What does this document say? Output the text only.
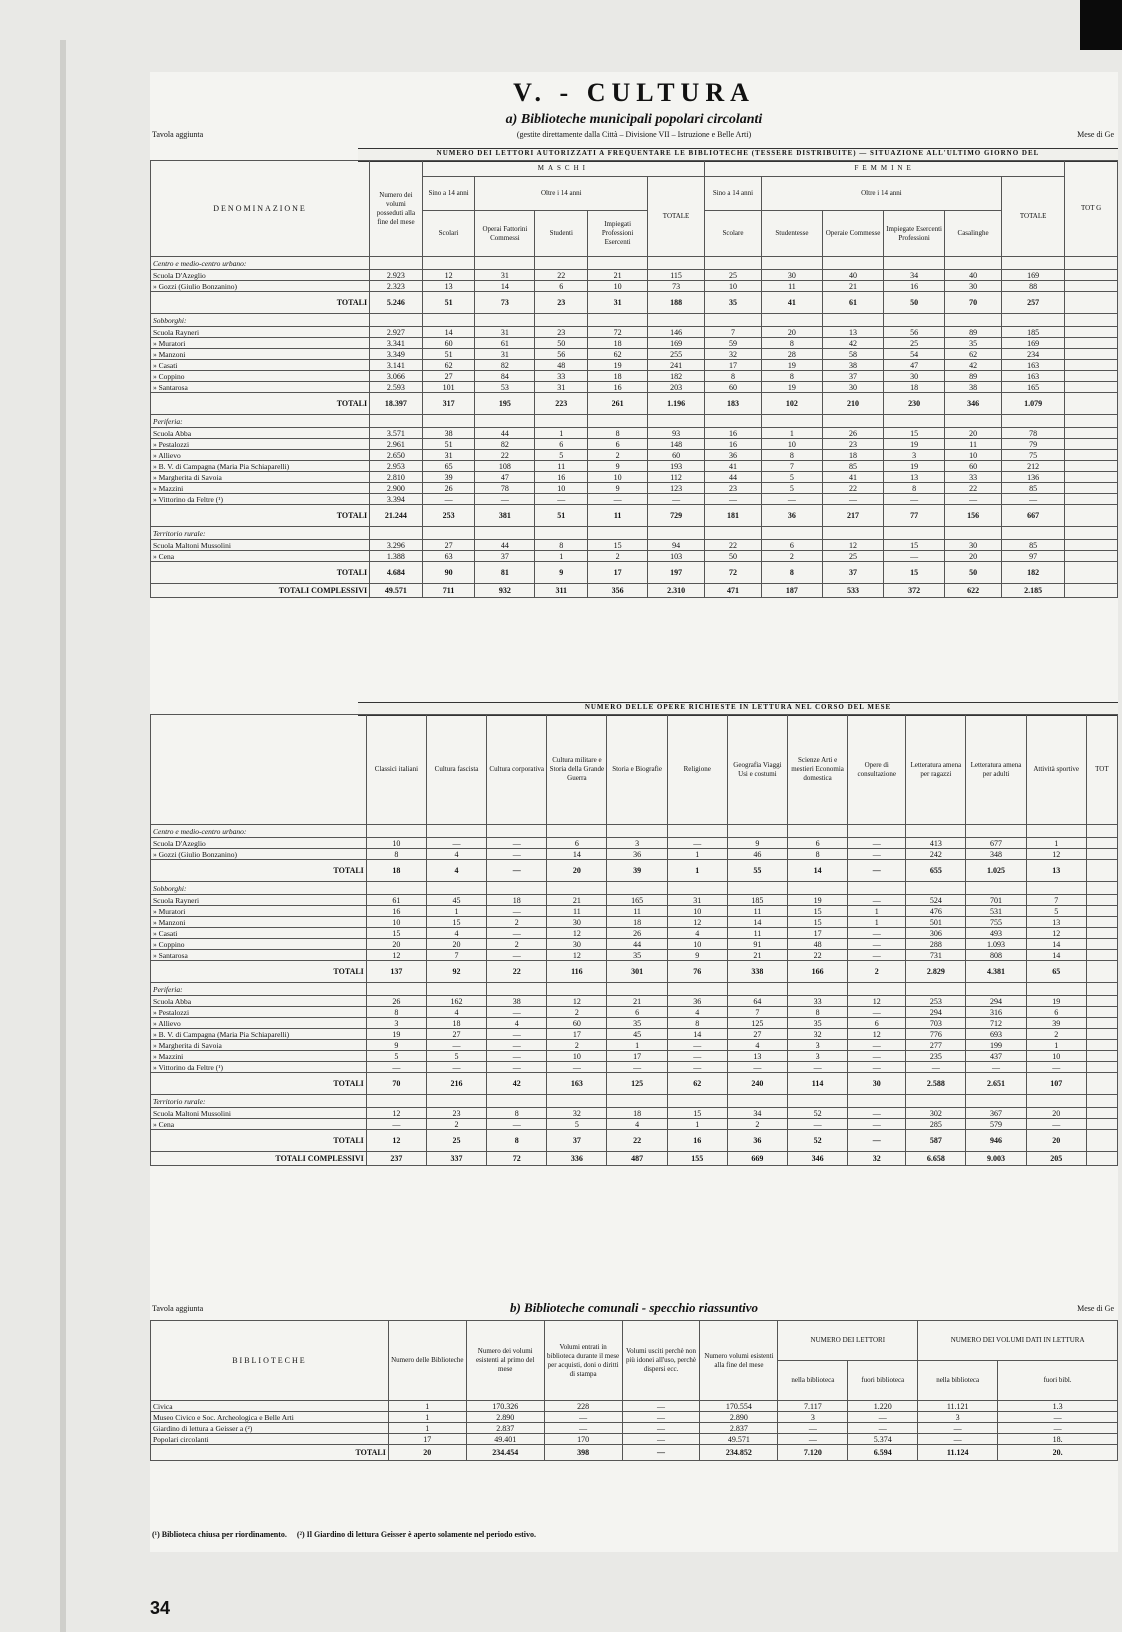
V. - CULTURA
a) Biblioteche municipali popolari circolanti
(gestite direttamente dalla Città – Divisione VII – Istruzione e Belle Arti)
Tavola aggiunta	Mese di Ge
NUMERO DEI LETTORI AUTORIZZATI A FREQUENTARE LE BIBLIOTECHE (TESSERE DISTRIBUITE) — SITUAZIONE ALL'ULTIMO GIORNO DEL
DENOMINAZIONE	Numero dei volumi posseduti alla fine del mese	MASCHI					FEMMINE						TOT G
		Sino a 14 anni	Oltre i 14 anni			TOTALE	Sino a 14 anni	Oltre i 14 anni				TOTALE	
		Scolari	Operai Fattorini Commessi	Studenti	Impiegati Professioni Esercenti		Scolare	Studentesse	Operaie Commesse	Impiegate Esercenti Professioni	Casalinghe		
Centro e medio-centro urbano:													
Scuola D'Azeglio	2.923	12	31	22	21	115	25	30	40	34	40	169	
» Gozzi (Giulio Bonzanino)	2.323	13	14	6	10	73	10	11	21	16	30	88	
TOTALI	5.246	51	73	23	31	188	35	41	61	50	70	257	
Sobborghi:													
Scuola Rayneri	2.927	14	31	23	72	146	7	20	13	56	89	185	
» Muratori	3.341	60	61	50	18	169	59	8	42	25	35	169	
» Manzoni	3.349	51	31	56	62	255	32	28	58	54	62	234	
» Casati	3.141	62	82	48	19	241	17	19	38	47	42	163	
» Coppino	3.066	27	84	33	18	182	8	8	37	30	89	163	
» Santarosa	2.593	101	53	31	16	203	60	19	30	18	38	165	
TOTALI	18.397	317	195	223	261	1.196	183	102	210	230	346	1.079	
Periferia:													
Scuola Abba	3.571	38	44	1	8	93	16	1	26	15	20	78	
» Pestalozzi	2.961	51	82	6	6	148	16	10	23	19	11	79	
» Allievo	2.650	31	22	5	2	60	36	8	18	3	10	75	
» B. V. di Campagna (Maria Pia Schiaparelli)	2.953	65	108	11	9	193	41	7	85	19	60	212	
» Margherita di Savoia	2.810	39	47	16	10	112	44	5	41	13	33	136	
» Mazzini	2.900	26	78	10	9	123	23	5	22	8	22	85	
» Vittorino da Feltre (¹)	3.394	—	—	—	—	—	—	—	—	—	—	—	
TOTALI	21.244	253	381	51	11	729	181	36	217	77	156	667	
Territorio rurale:													
Scuola Maltoni Mussolini	3.296	27	44	8	15	94	22	6	12	15	30	85	
» Cena	1.388	63	37	1	2	103	50	2	25	—	20	97	
TOTALI	4.684	90	81	9	17	197	72	8	37	15	50	182	
TOTALI COMPLESSIVI	49.571	711	932	311	356	2.310	471	187	533	372	622	2.185	
NUMERO DELLE OPERE RICHIESTE IN LETTURA NEL CORSO DEL MESE
	Classici italiani	Cultura fascista	Cultura corporativa	Cultura militare e Storia della Grande Guerra	Storia e Biografie	Religione	Geografia Viaggi Usi e costumi	Scienze Arti e mestieri Economia domestica	Opere di consultazione	Letteratura amena per ragazzi	Letteratura amena per adulti	Attività sportive	TOT
Centro e medio-centro urbano:													
Scuola D'Azeglio	10	—	—	6	3	—	9	6	—	413	677	1	
» Gozzi (Giulio Bonzanino)	8	4	—	14	36	1	46	8	—	242	348	12	
TOTALI	18	4	—	20	39	1	55	14	—	655	1.025	13	
Sobborghi:													
Scuola Rayneri	61	45	18	21	165	31	185	19	—	524	701	7	
» Muratori	16	1	—	11	11	10	11	15	1	476	531	5	
» Manzoni	10	15	2	30	18	12	14	15	1	501	755	13	
» Casati	15	4	—	12	26	4	11	17	—	306	493	12	
» Coppino	20	20	2	30	44	10	91	48	—	288	1.093	14	
» Santarosa	12	7	—	12	35	9	21	22	—	731	808	14	
TOTALI	137	92	22	116	301	76	338	166	2	2.829	4.381	65	
Periferia:													
Scuola Abba	26	162	38	12	21	36	64	33	12	253	294	19	
» Pestalozzi	8	4	—	2	6	4	7	8	—	294	316	6	
» Allievo	3	18	4	60	35	8	125	35	6	703	712	39	
» B. V. di Campagna (Maria Pia Schiaparelli)	19	27	—	17	45	14	27	32	12	776	693	2	
» Margherita di Savoia	9	—	—	2	1	—	4	3	—	277	199	1	
» Mazzini	5	5	—	10	17	—	13	3	—	235	437	10	
» Vittorino da Feltre (¹)	—	—	—	—	—	—	—	—	—	—	—	—	
TOTALI	70	216	42	163	125	62	240	114	30	2.588	2.651	107	
Territorio rurale:													
Scuola Maltoni Mussolini	12	23	8	32	18	15	34	52	—	302	367	20	
» Cena	—	2	—	5	4	1	2	—	—	285	579	—	
TOTALI	12	25	8	37	22	16	36	52	—	587	946	20	
TOTALI COMPLESSIVI	237	337	72	336	487	155	669	346	32	6.658	9.003	205	
Tavola aggiunta	b) Biblioteche comunali - specchio riassuntivo	Mese di Ge
BIBLIOTECHE	Numero delle Biblioteche	Numero dei volumi esistenti al primo del mese	Volumi entrati in biblioteca durante il mese per acquisti, doni o diritti di stampa	Volumi usciti perchè non più idonei all'uso, perchè dispersi ecc.	Numero volumi esistenti alla fine del mese	NUMERO DEI LETTORI		NUMERO DEI VOLUMI DATI IN LETTURA	
						nella biblioteca	fuori biblioteca	nella biblioteca	fuori bibl.
Civica	1	170.326	228	—	170.554	7.117	1.220	11.121	1.3
Museo Civico e Soc. Archeologica e Belle Arti	1	2.890	—	—	2.890	3	—	3	—
Giardino di lettura a Geisser a (²)	1	2.837	—	—	2.837	—	—	—	—
Popolari circolanti	17	49.401	170	—	49.571	—	5.374	—	18.
TOTALI	20	234.454	398	—	234.852	7.120	6.594	11.124	20.
(¹) Biblioteca chiusa per riordinamento. (²) Il Giardino di lettura Geisser è aperto solamente nel periodo estivo.
34
